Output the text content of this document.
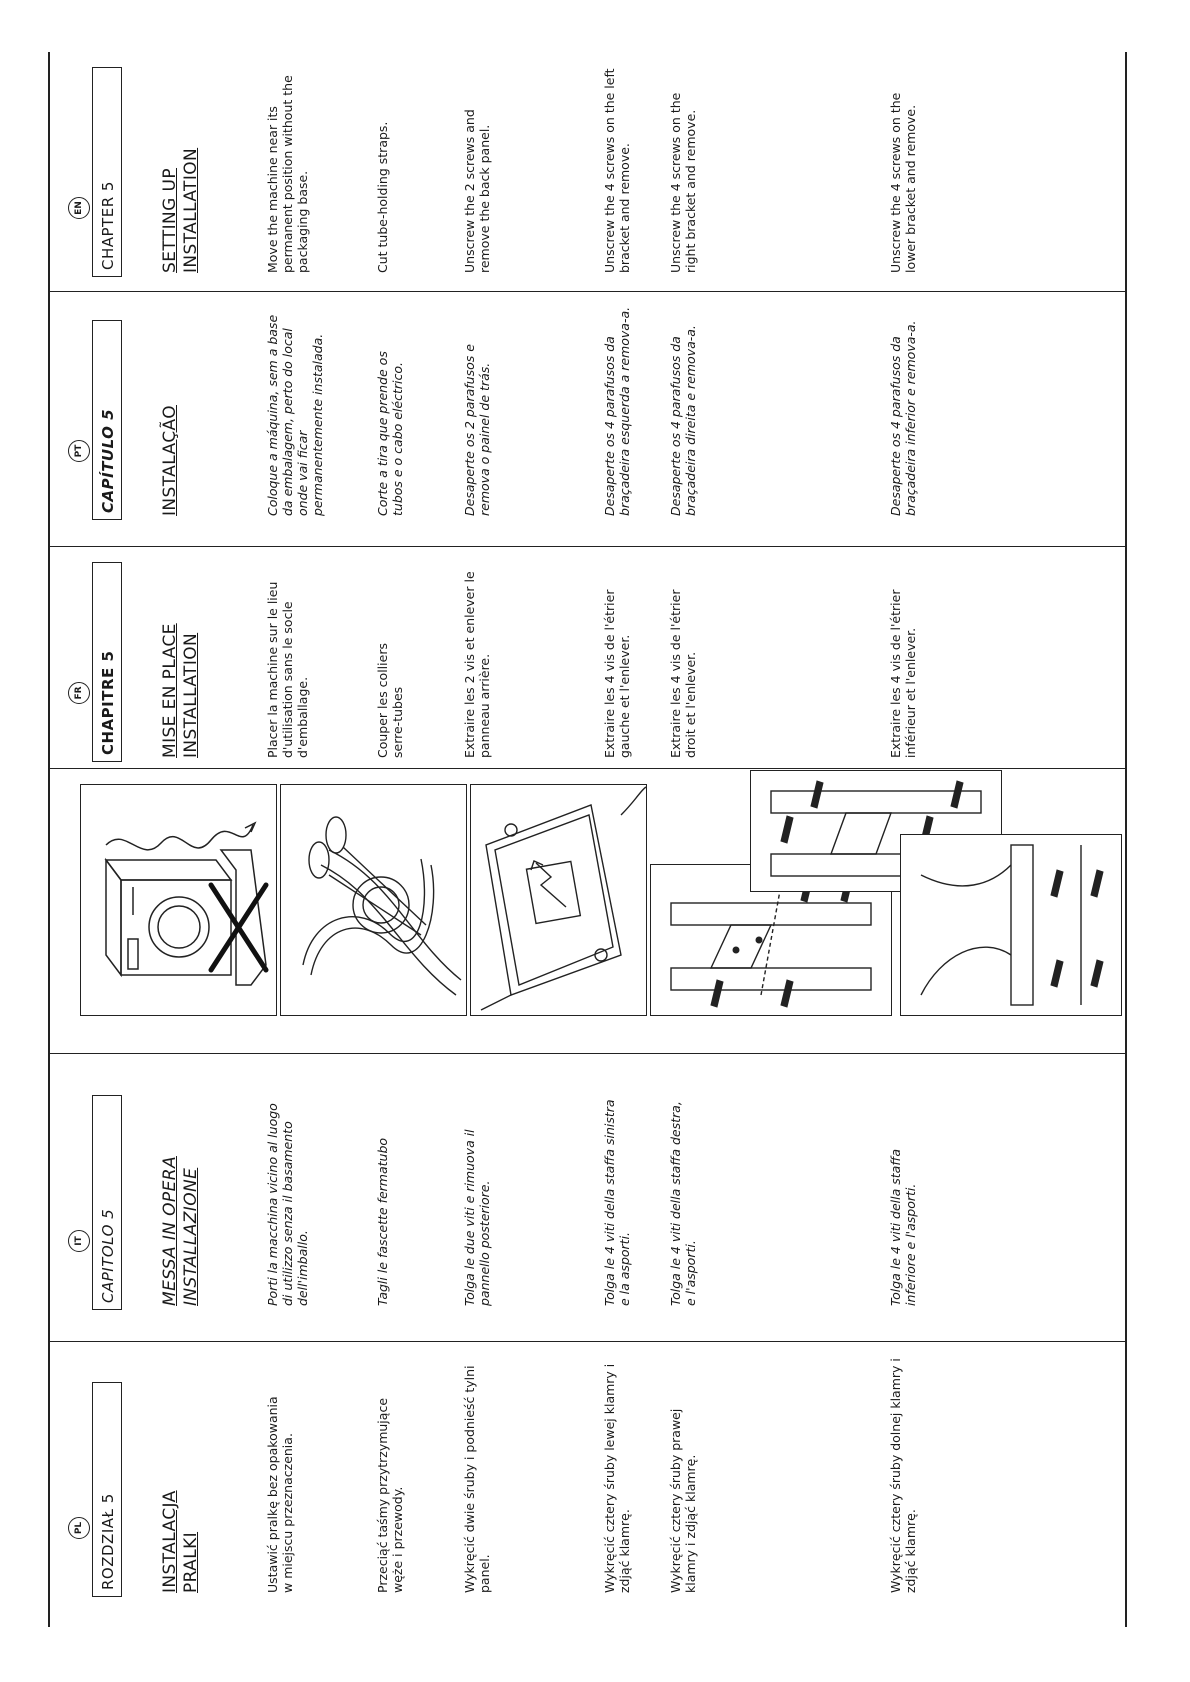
PL	ROZDZIAŁ 5	INSTALACJA PRALKI	Ustawić pralkę bez opakowania w miejscu przeznaczenia.	Przeciąć taśmy przytrzymujące węże i przewody.	Wykręcić dwie śruby i podnieść tylni panel.	Wykręcić cztery śruby lewej klamry i zdjąć klamrę.	Wykręcić cztery śruby prawej klamry i zdjąć klamrę.	Wykręcić cztery śruby dolnej klamry i zdjąć klamrę.
IT	CAPITOLO 5	MESSA IN OPERA INSTALLAZIONE	Porti la macchina vicino al luogo di utilizzo senza il basamento dell'imballo.	Tagli le fascette fermatubo	Tolga le due viti e rimuova il pannello posteriore.	Tolga le 4 viti della staffa sinistra e la asporti.	Tolga le 4 viti della staffa destra, e l'asporti.	Tolga le 4 viti della staffa inferiore e l'asporti.
FR	CHAPITRE 5	MISE EN PLACE INSTALLATION	Placer la machine sur le lieu d'utilisation sans le socle d'emballage.	Couper les colliers serre-tubes	Extraire les 2 vis et enlever le panneau arrière.	Extraire les 4 vis de l'étrier gauche et l'enlever.	Extraire les 4 vis de l'étrier droit et l'enlever.	Extraire les 4 vis de l'étrier inférieur et l'enlever.
PT	CAPÍTULO 5	INSTALAÇÃO	Coloque a máquina, sem a base da embalagem, perto do local onde vai ficar permanentemente instalada.	Corte a tira que prende os tubos e o cabo eléctrico.	Desaperte os 2 parafusos e remova o painel de trás.	Desaperte os 4 parafusos da braçadeira esquerda a remova-a.	Desaperte os 4 parafusos da braçadeira direita e remova-a.	Desaperte os 4 parafusos da braçadeira inferior e remova-a.
EN	CHAPTER 5	SETTING UP INSTALLATION	Move the machine near its permanent position without the packaging base.	Cut tube-holding straps.	Unscrew the 2 screws and remove the back panel.	Unscrew the 4 screws on the left bracket and remove.	Unscrew the 4 screws on the right bracket and remove.	Unscrew the 4 screws on the lower bracket and remove.
